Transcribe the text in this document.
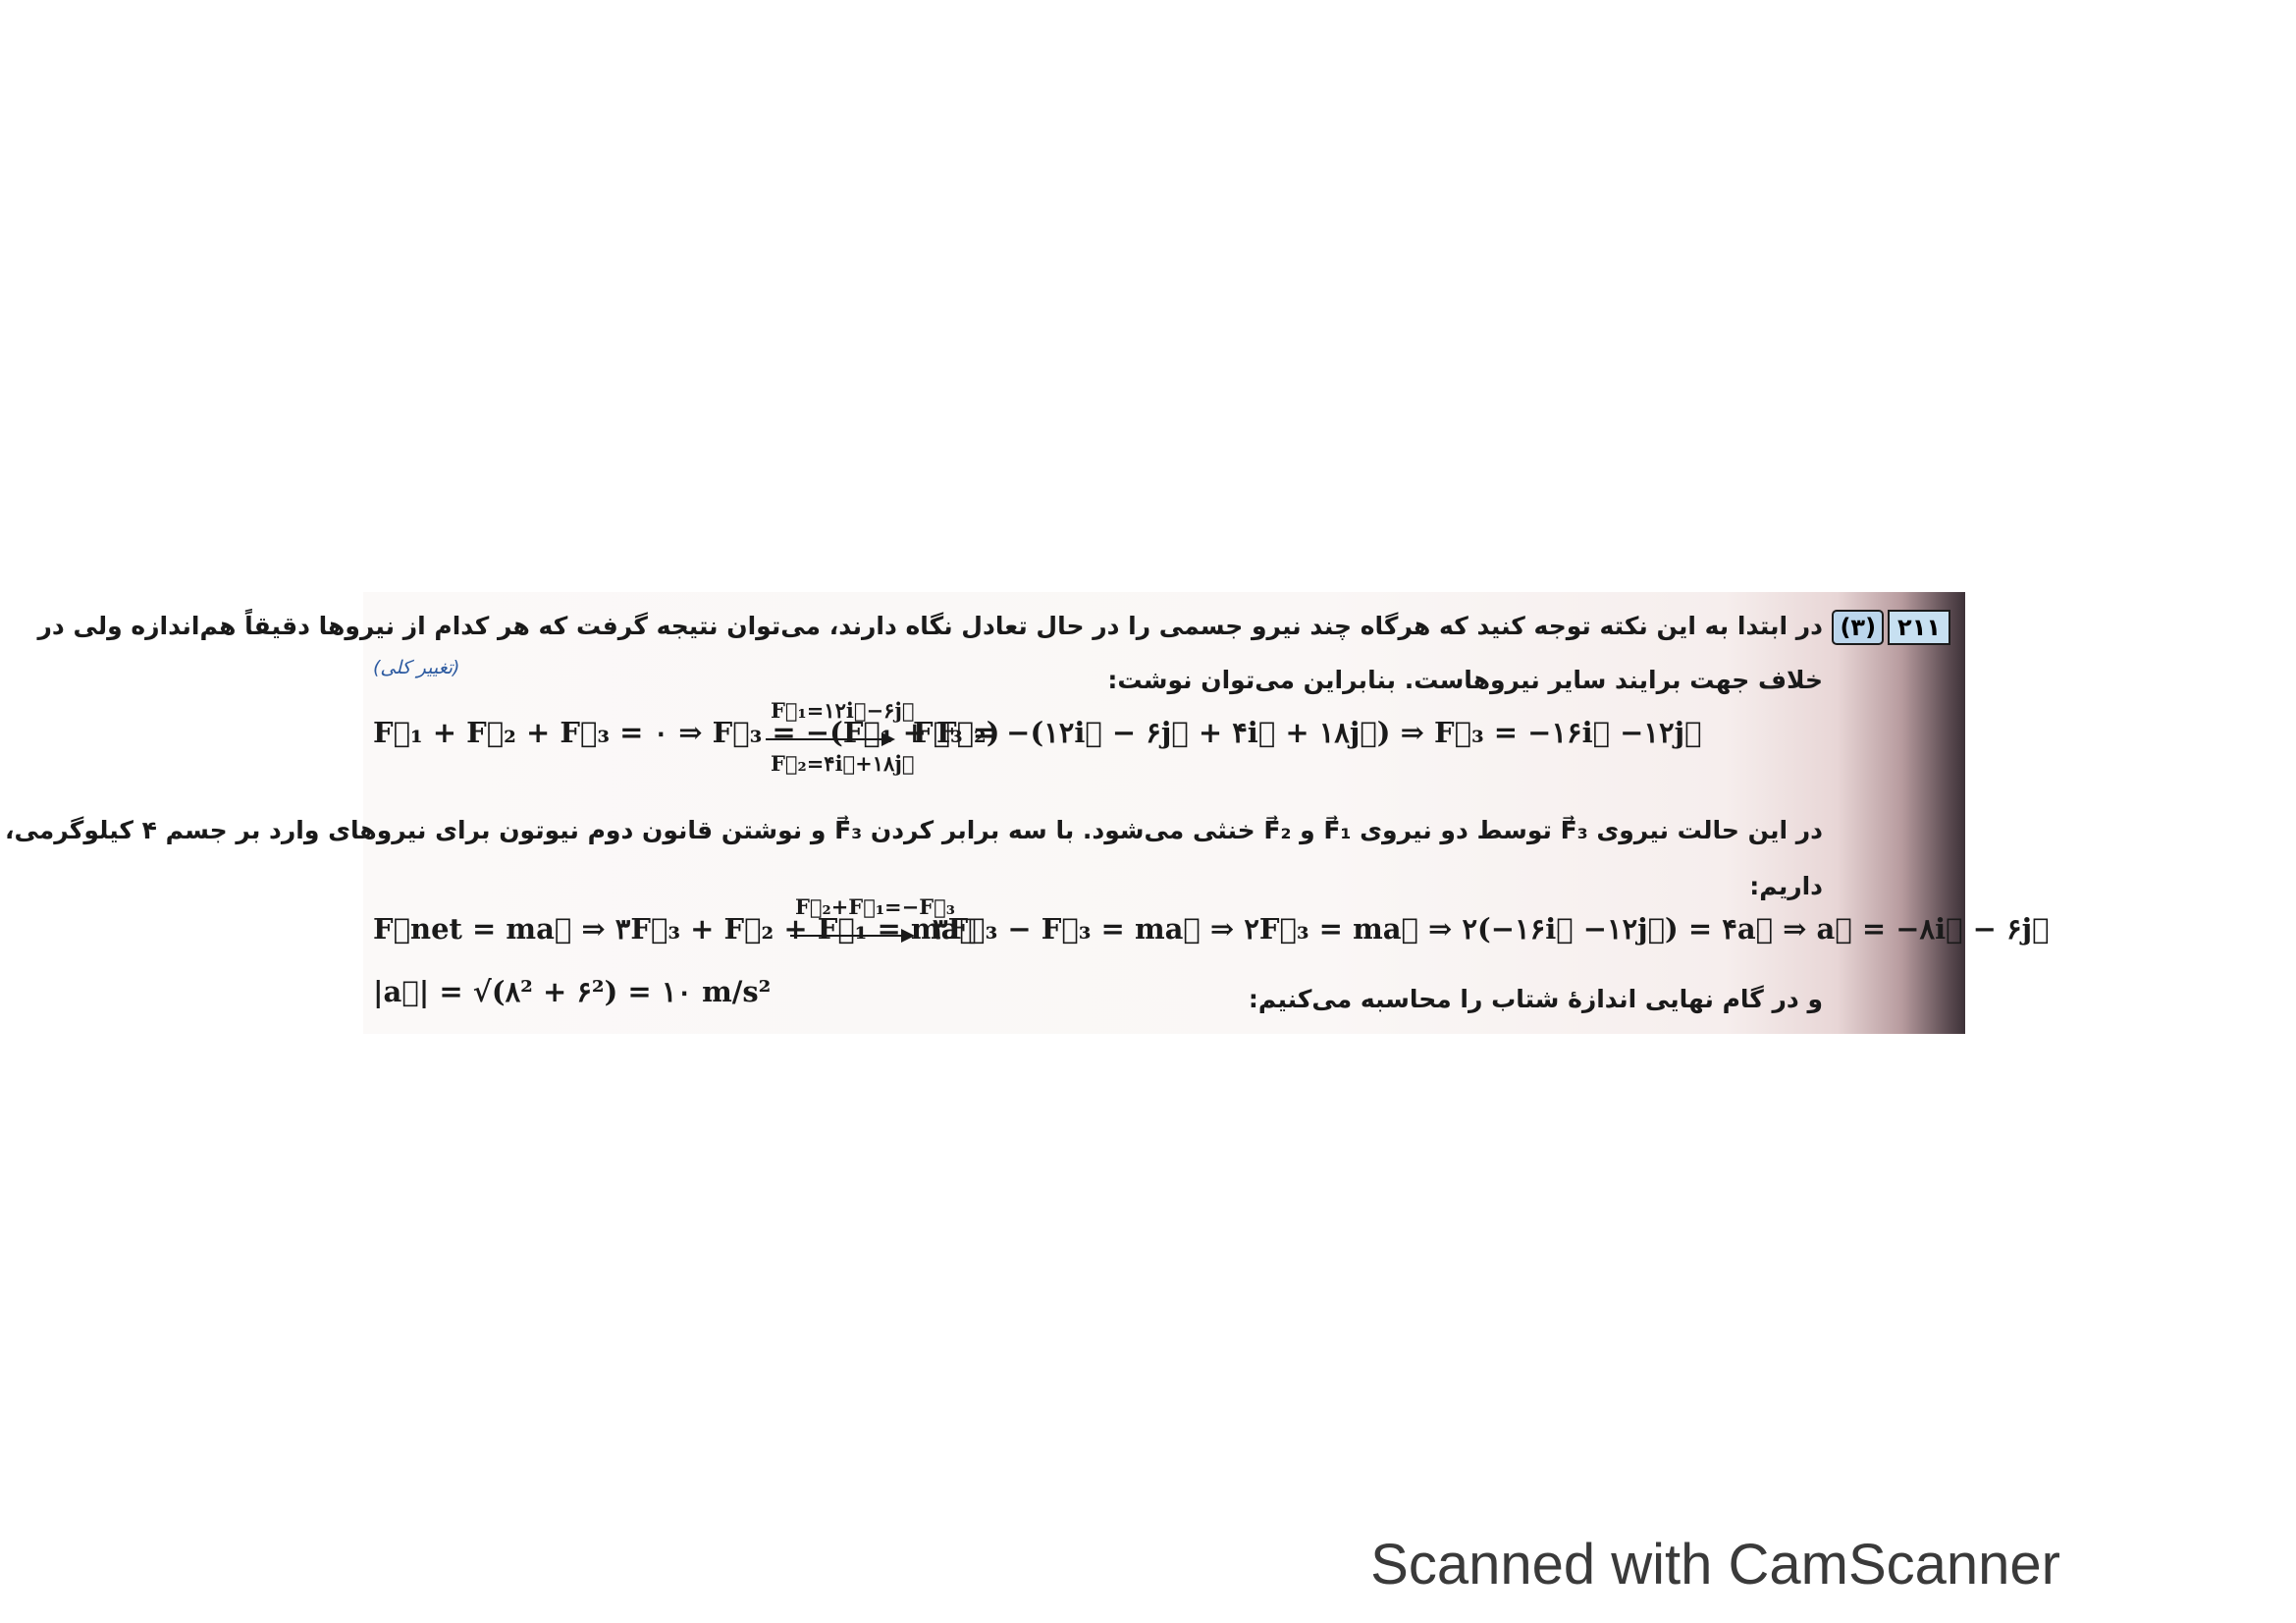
(۳) ۲۱۱
در ابتدا به این نکته توجه کنید که هرگاه چند نیرو جسمی را در حال تعادل نگاه دارند، می‌توان نتیجه گرفت که هر کدام از نیروها دقیقاً هم‌اندازه ولی در
(تغییر کلی)	خلاف جهت برایند سایر نیروهاست. بنابراین می‌توان نوشت:
F⃗₁ + F⃗₂ + F⃗₃ = ۰ ⇒ F⃗₃ = −(F⃗₁ + F⃗₂)
F⃗₁=۱۲i⃗−۶j⃗
F⃗₂=۴i⃗+۱۸j⃗
F⃗₃ = −(۱۲i⃗ − ۶j⃗ + ۴i⃗ + ۱۸j⃗) ⇒ F⃗₃ = −۱۶i⃗ −۱۲j⃗
در این حالت نیروی F⃗₃ توسط دو نیروی F⃗₁ و F⃗₂ خنثی می‌شود. با سه برابر کردن F⃗₃ و نوشتن قانون دوم نیوتون برای نیروهای وارد بر جسم ۴ کیلوگرمی،
داریم:
F⃗net = ma⃗ ⇒ ۳F⃗₃ + F⃗₂ + F⃗₁ = ma⃗
F⃗₂+F⃗₁=−F⃗₃
۳F⃗₃ − F⃗₃ = ma⃗ ⇒ ۲F⃗₃ = ma⃗ ⇒ ۲(−۱۶i⃗ −۱۲j⃗) = ۴a⃗ ⇒ a⃗ = −۸i⃗ − ۶j⃗
|a⃗| = √(۸² + ۶²) = ۱۰ m/s²	و در گام نهایی اندازهٔ شتاب را محاسبه می‌کنیم:
Scanned with CamScanner
